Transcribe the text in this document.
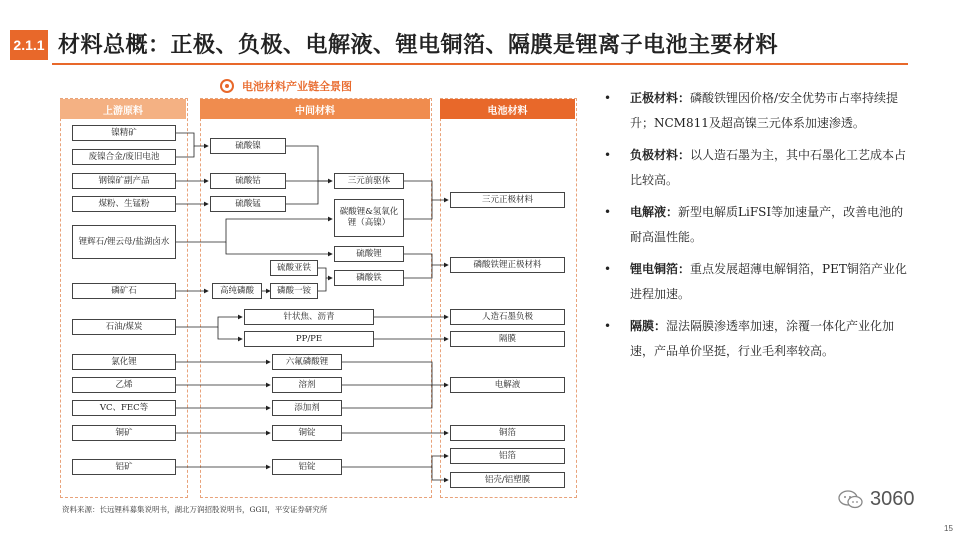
2.1.1 材料总概：正极、负极、电解液、锂电铜箔、隔膜是锂离子电池主要材料
电池材料产业链全景图
上游原料	中间材料	电池材料
镍精矿
废镍合金/废旧电池
钢镍矿副产品
煤粉、生锰粉
锂辉石/锂云母/盐湖卤水
磷矿石
石油/煤炭
氯化锂
乙烯
VC、FEC等
铜矿
铝矿
硫酸镍
硫酸钴
硫酸锰
三元前驱体
碳酸锂&氢氧化锂（高镍）
硫酸锂
硫酸亚铁
高纯磷酸	磷酸一铵
磷酸铁
针状焦、沥青
PP/PE
六氟磷酸锂
溶剂
添加剂
铜锭
铝锭
三元正极材料
磷酸铁锂正极材料
人造石墨负极
隔膜
电解液
铜箔
铝箔
铝壳/铝塑膜
资料来源：长远锂科募集说明书，湖北万润招股说明书，GGII，平安证券研究所
• 正极材料：磷酸铁锂因价格/安全优势市占率持续提升；NCM811及超高镍三元体系加速渗透。
• 负极材料：以人造石墨为主，其中石墨化工艺成本占比较高。
• 电解液：新型电解质LiFSI等加速量产，改善电池的耐高温性能。
• 锂电铜箔：重点发展超薄电解铜箔，PET铜箔产业化进程加速。
• 隔膜：湿法隔膜渗透率加速，涂覆一体化产业化加速，产品单价坚挺，行业毛利率较高。
3060
15
